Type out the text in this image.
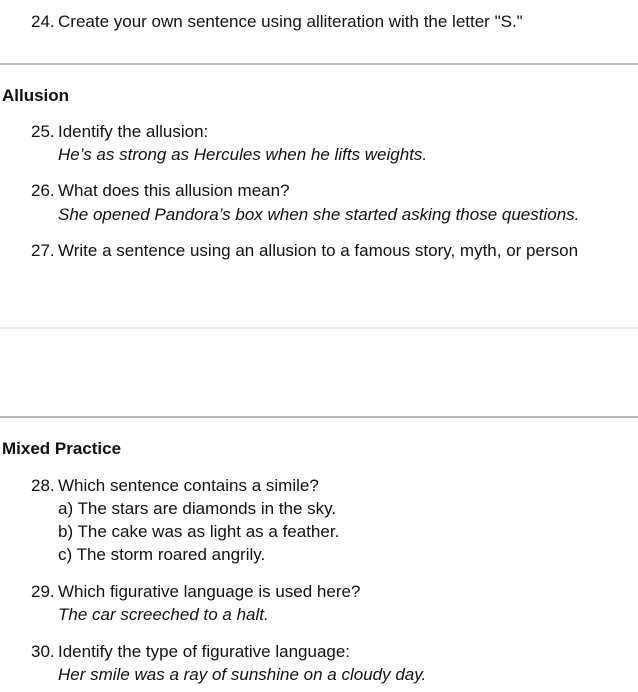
24. Create your own sentence using alliteration with the letter "S."
Allusion
25. Identify the allusion:
He’s as strong as Hercules when he lifts weights.
26. What does this allusion mean?
She opened Pandora’s box when she started asking those questions.
27. Write a sentence using an allusion to a famous story, myth, or person
Mixed Practice
28. Which sentence contains a simile?
a) The stars are diamonds in the sky.
b) The cake was as light as a feather.
c) The storm roared angrily.
29. Which figurative language is used here?
The car screeched to a halt.
30. Identify the type of figurative language:
Her smile was a ray of sunshine on a cloudy day.
